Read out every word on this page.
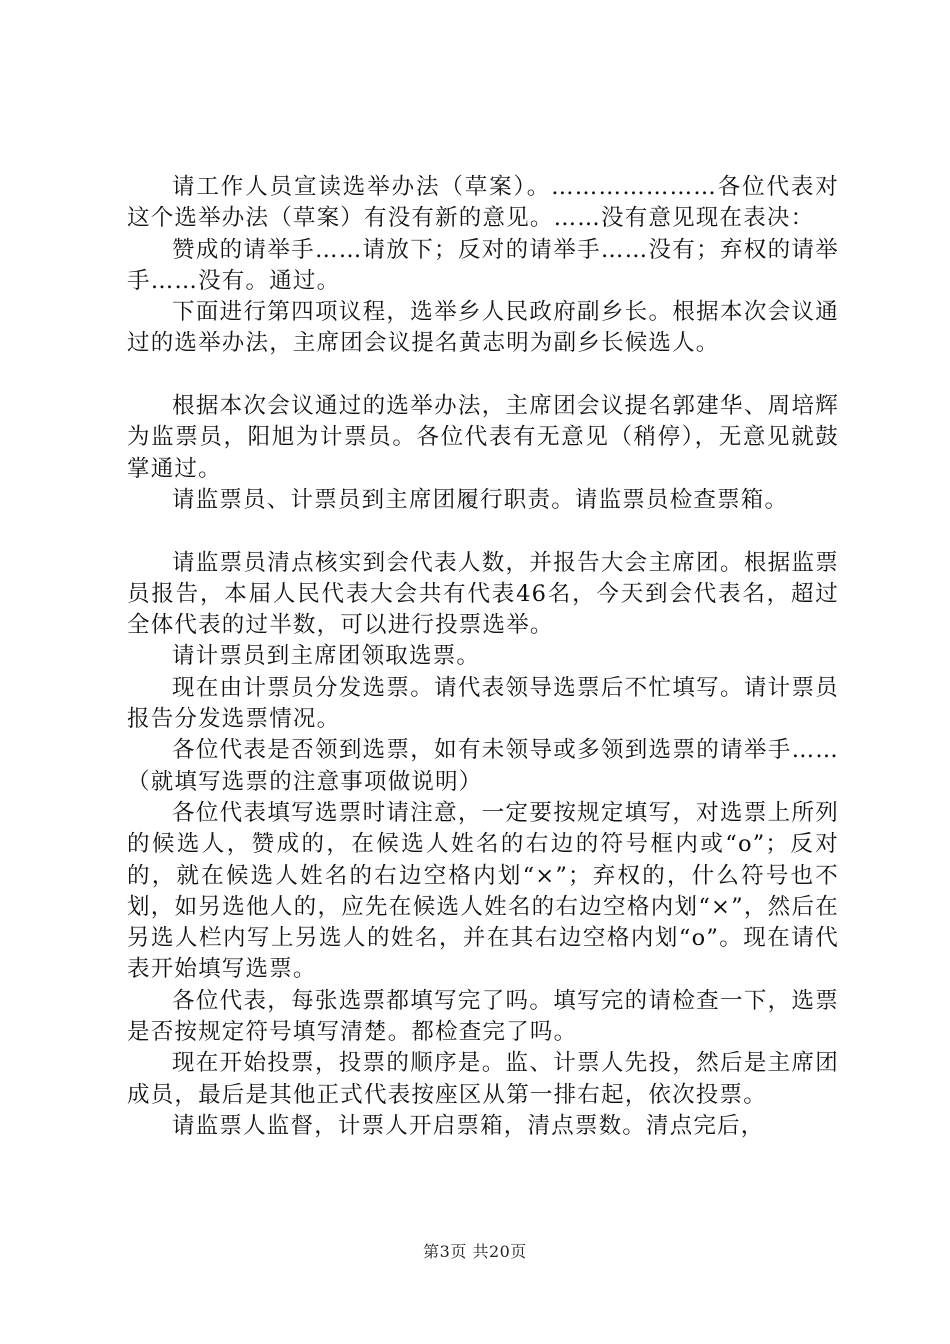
请工作人员宣读选举办法（草案）。…………………各位代表对这个选举办法（草案）有没有新的意见。……没有意见现在表决：

赞成的请举手……请放下；反对的请举手……没有；弃权的请举手……没有。通过。

下面进行第四项议程，选举乡人民政府副乡长。根据本次会议通过的选举办法，主席团会议提名黄志明为副乡长候选人。

根据本次会议通过的选举办法，主席团会议提名郭建华、周培辉为监票员，阳旭为计票员。各位代表有无意见（稍停），无意见就鼓掌通过。

请监票员、计票员到主席团履行职责。请监票员检查票箱。

请监票员清点核实到会代表人数，并报告大会主席团。根据监票员报告，本届人民代表大会共有代表46名，今天到会代表名，超过全体代表的过半数，可以进行投票选举。

请计票员到主席团领取选票。

现在由计票员分发选票。请代表领导选票后不忙填写。请计票员报告分发选票情况。

各位代表是否领到选票，如有未领导或多领到选票的请举手……（就填写选票的注意事项做说明）

各位代表填写选票时请注意，一定要按规定填写，对选票上所列的候选人，赞成的，在候选人姓名的右边的符号框内或“o”；反对的，就在候选人姓名的右边空格内划“×”；弃权的，什么符号也不划，如另选他人的，应先在候选人姓名的右边空格内划“×”，然后在另选人栏内写上另选人的姓名，并在其右边空格内划“o”。现在请代表开始填写选票。

各位代表，每张选票都填写完了吗。填写完的请检查一下，选票是否按规定符号填写清楚。都检查完了吗。

现在开始投票，投票的顺序是。监、计票人先投，然后是主席团成员，最后是其他正式代表按座区从第一排右起，依次投票。

请监票人监督，计票人开启票箱，清点票数。清点完后，

第3页 共20页
